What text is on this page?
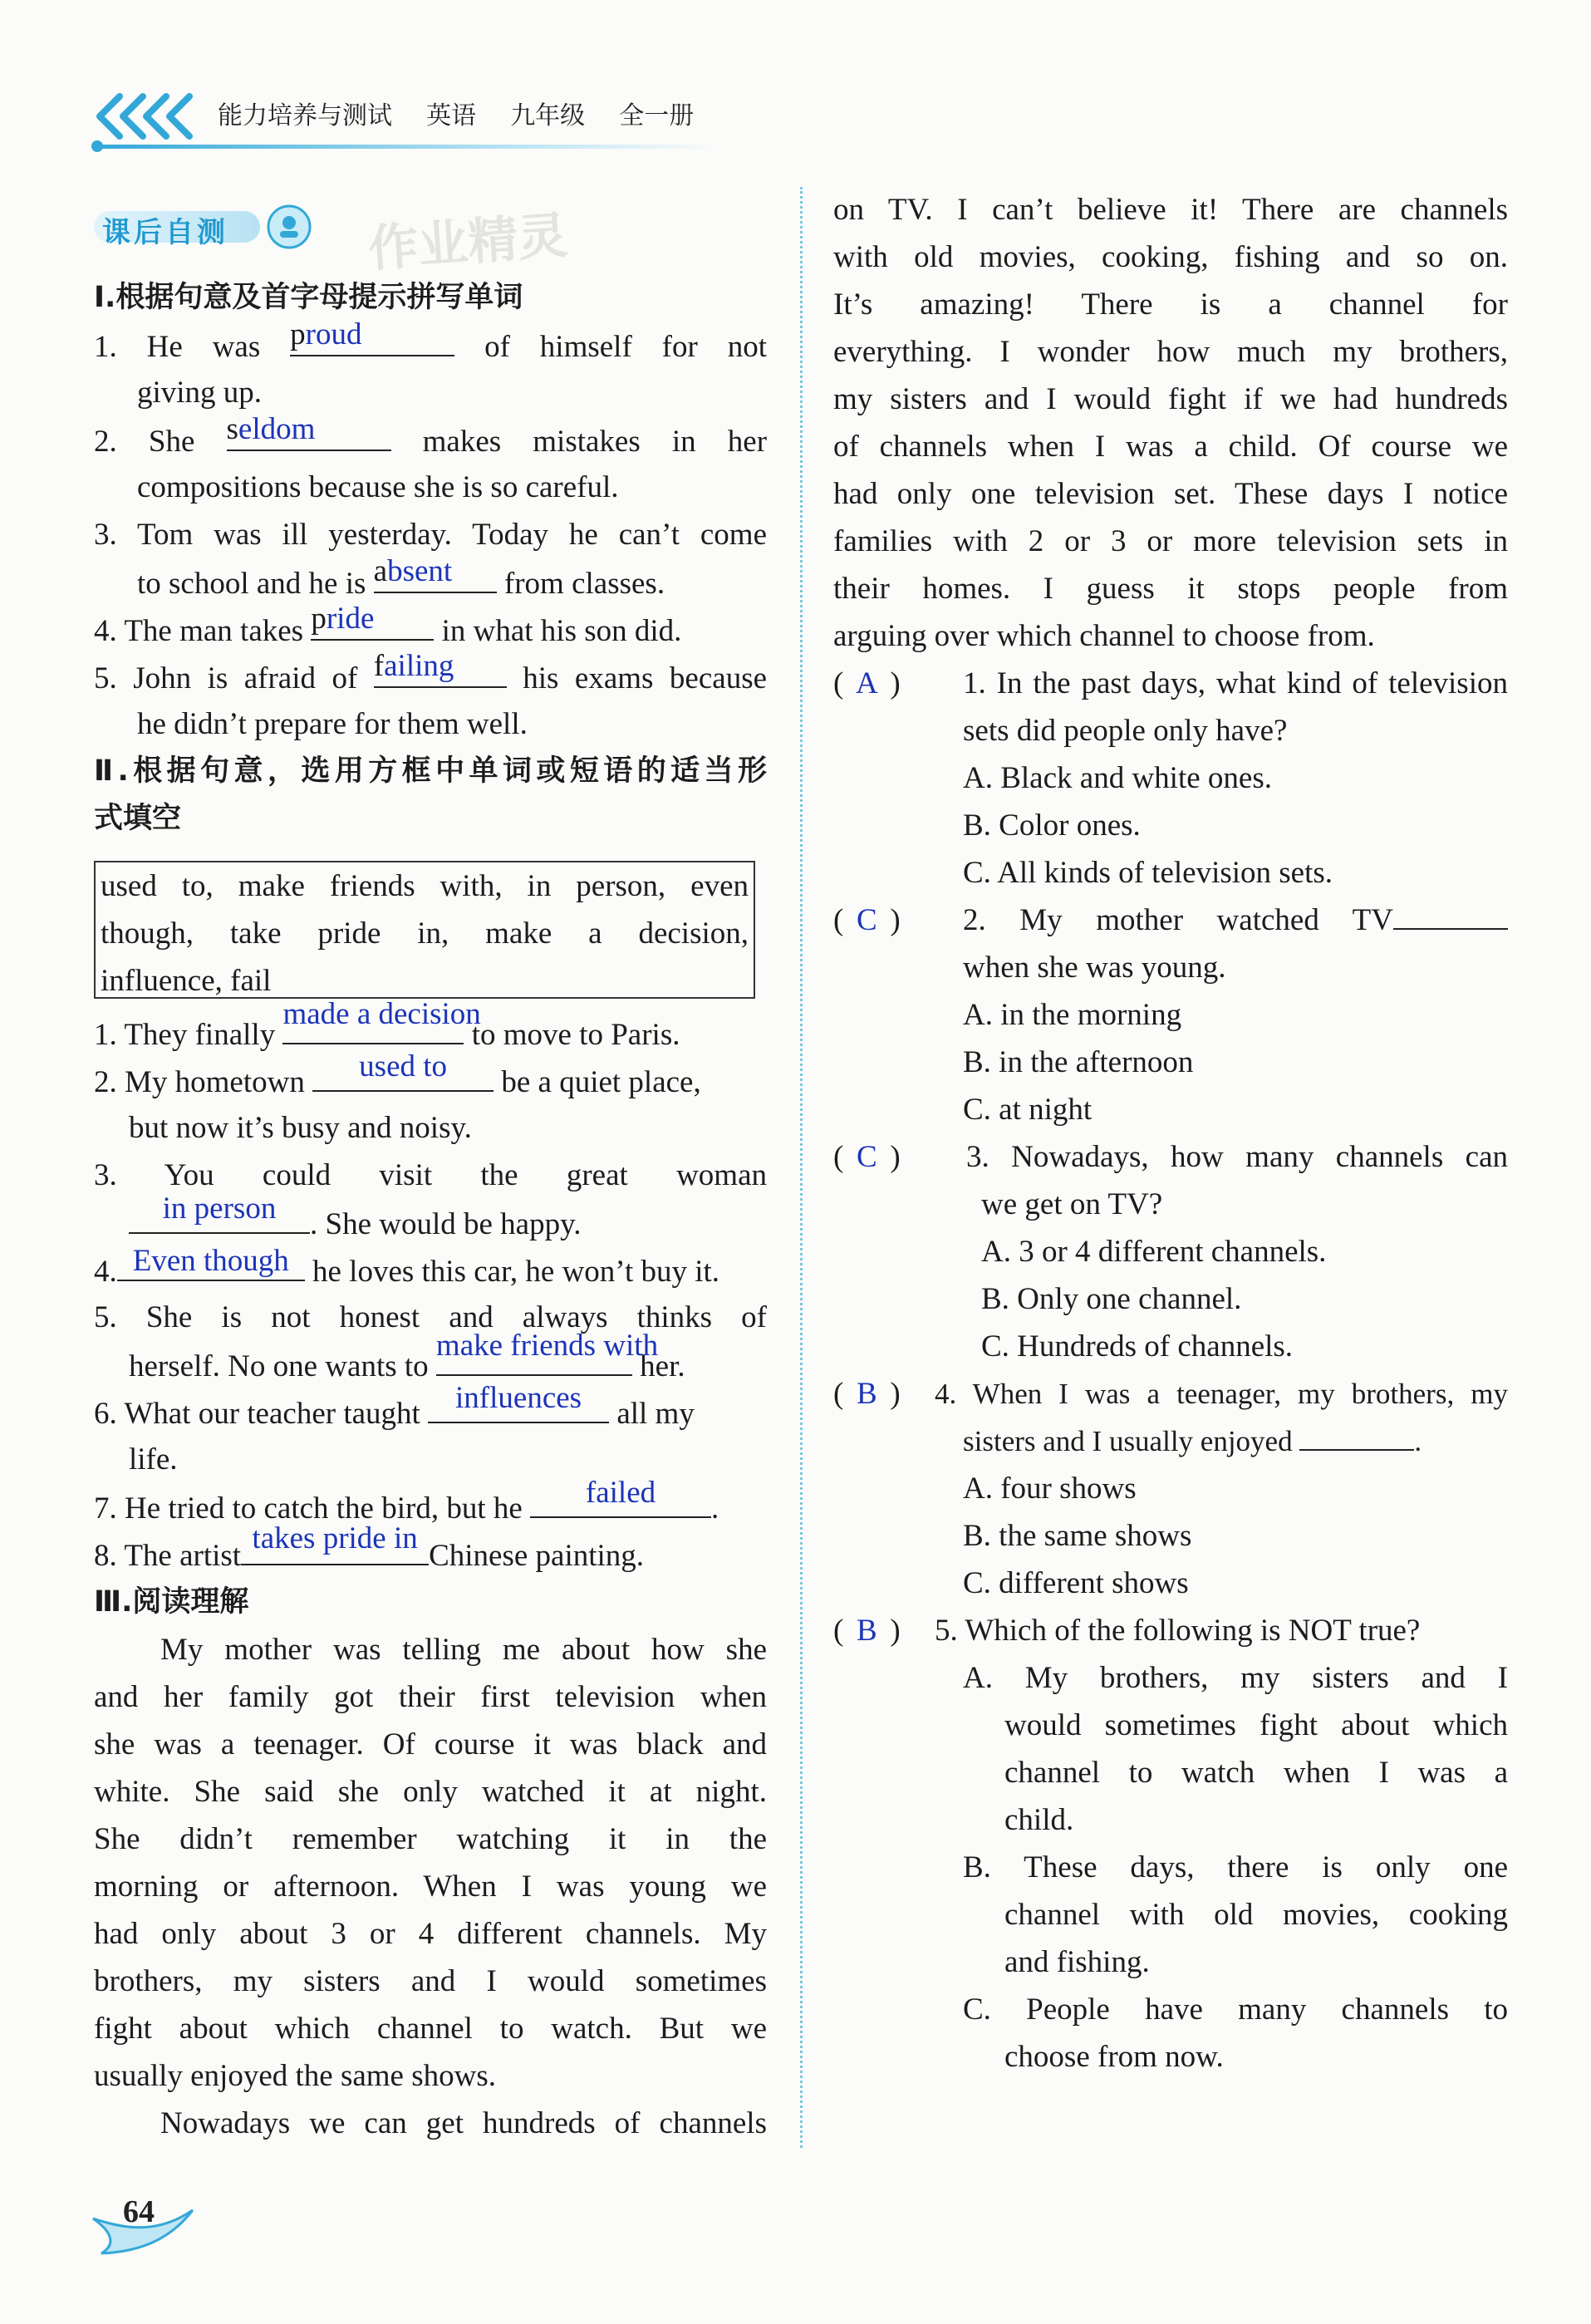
能力培养与测试 英语 九年级 全一册
课后自测	作业精灵
Ⅰ.根据句意及首字母提示拼写单词
1. He was proud	of himself for not
giving up.
2. She seldom	makes mistakes in her
compositions because she is so careful.
3. Tom was ill yesterday. Today he can’t come
to school and he is absent	from classes.
4. The man takes pride	in what his son did.
5. John is afraid of failing	his exams because
he didn’t prepare for them well.
Ⅱ.根据句意，选用方框中单词或短语的适当形
式填空
used to, make friends with, in person, even
though, take pride in, make a decision,
influence, fail
1. They finally
made a decision
to move to Paris.
2. My hometown	used to	be a quiet place,
but now it’s busy and noisy.
3. You could visit the great woman
in person	. She would be happy.
4. Even though he loves this car, he won’t buy it.
5. She is not honest and always thinks of
herself. No one wants to
make friends with
her.
6. What our teacher taught	influences	all my
life.
7. He tried to catch the bird, but he	failed	.
8. The artist
takes pride in
Chinese painting.
Ⅲ.阅读理解
My mother was telling me about how she
and her family got their first television when
she was a teenager. Of course it was black and
white. She said she only watched it at night.
She didn’t remember watching it in the
morning or afternoon. When I was young we
had only about 3 or 4 different channels. My
brothers, my sisters and I would sometimes
fight about which channel to watch. But we
usually enjoyed the same shows.
Nowadays we can get hundreds of channels
on TV. I can’t believe it! There are channels
with old movies, cooking, fishing and so on.
It’s amazing! There is a channel for
everything. I wonder how much my brothers,
my sisters and I would fight if we had hundreds
of channels when I was a child. Of course we
had only one television set. These days I notice
families with 2 or 3 or more television sets in
their homes. I guess it stops people from
arguing over which channel to choose from.
( A ) 1. In the past days, what kind of television
sets did people only have?
A. Black and white ones.
B. Color ones.
C. All kinds of television sets.
( C ) 2. My mother watched TV
when she was young.
A. in the morning
B. in the afternoon
C. at night
( C ) 3. Nowadays, how many channels can
we get on TV?
A. 3 or 4 different channels.
B. Only one channel.
C. Hundreds of channels.
( B ) 4. When I was a teenager, my brothers, my
sisters and I usually enjoyed	.
A. four shows
B. the same shows
C. different shows
( B ) 5. Which of the following is NOT true?
A. My brothers, my sisters and I
would sometimes fight about which
channel to watch when I was a
child.
B. These days, there is only one
channel with old movies, cooking
and fishing.
C. People have many channels to
choose from now.
64
